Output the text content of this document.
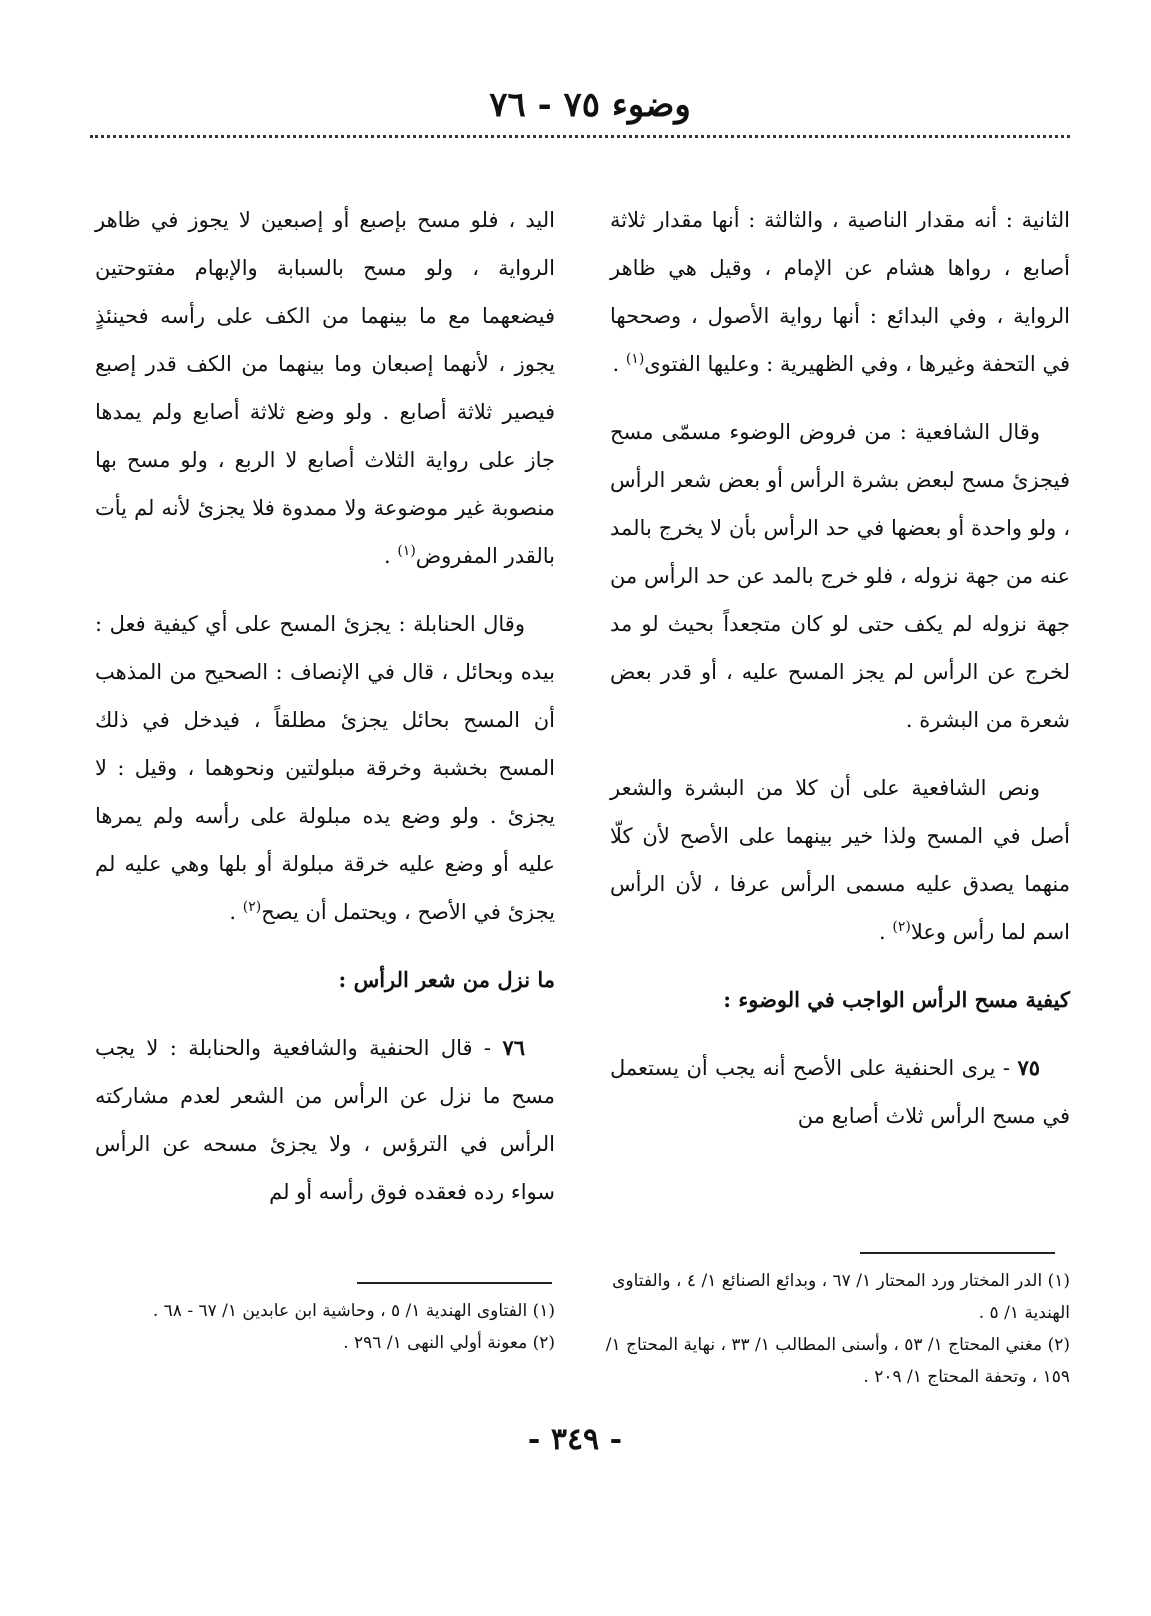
وضوء ٧٥ - ٧٦

الثانية : أنه مقدار الناصية ، والثالثة : أنها مقدار ثلاثة أصابع ، رواها هشام عن الإمام ، وقيل هي ظاهر الرواية ، وفي البدائع : أنها رواية الأصول ، وصححها في التحفة وغيرها ، وفي الظهيرية : وعليها الفتوى$^{(١)}$ .

وقال الشافعية : من فروض الوضوء مسمّى مسح فيجزئ مسح لبعض بشرة الرأس أو بعض شعر الرأس ، ولو واحدة أو بعضها في حد الرأس بأن لا يخرج بالمد عنه من جهة نزوله ، فلو خرج بالمد عن حد الرأس من جهة نزوله لم يكف حتى لو كان متجعداً بحيث لو مد لخرج عن الرأس لم يجز المسح عليه ، أو قدر بعض شعرة من البشرة .

ونص الشافعية على أن كلا من البشرة والشعر أصل في المسح ولذا خير بينهما على الأصح لأن كلّا منهما يصدق عليه مسمى الرأس عرفا ، لأن الرأس اسم لما رأس وعلا$^{(٢)}$ .

كيفية مسح الرأس الواجب في الوضوء :

٧٥ - يرى الحنفية على الأصح أنه يجب أن يستعمل في مسح الرأس ثلاث أصابع من

اليد ، فلو مسح بإصبع أو إصبعين لا يجوز في ظاهر الرواية ، ولو مسح بالسبابة والإبهام مفتوحتين فيضعهما مع ما بينهما من الكف على رأسه فحينئذٍ يجوز ، لأنهما إصبعان وما بينهما من الكف قدر إصبع فيصير ثلاثة أصابع . ولو وضع ثلاثة أصابع ولم يمدها جاز على رواية الثلاث أصابع لا الربع ، ولو مسح بها منصوبة غير موضوعة ولا ممدوة فلا يجزئ لأنه لم يأت بالقدر المفروض$^{(١)}$ .

وقال الحنابلة : يجزئ المسح على أي كيفية فعل : بيده وبحائل ، قال في الإنصاف : الصحيح من المذهب أن المسح بحائل يجزئ مطلقاً ، فيدخل في ذلك المسح بخشبة وخرقة مبلولتين ونحوهما ، وقيل : لا يجزئ . ولو وضع يده مبلولة على رأسه ولم يمرها عليه أو وضع عليه خرقة مبلولة أو بلها وهي عليه لم يجزئ في الأصح ، ويحتمل أن يصح$^{(٢)}$ .

ما نزل من شعر الرأس :

٧٦ - قال الحنفية والشافعية والحنابلة : لا يجب مسح ما نزل عن الرأس من الشعر لعدم مشاركته الرأس في الترؤس ، ولا يجزئ مسحه عن الرأس سواء رده فعقده فوق رأسه أو لم

(١) الدر المختار ورد المحتار ١/ ٦٧ ، وبدائع الصنائع ١/ ٤ ، والفتاوى الهندية ١/ ٥ .

(٢) مغني المحتاج ١/ ٥٣ ، وأسنى المطالب ١/ ٣٣ ، نهاية المحتاج ١/ ١٥٩ ، وتحفة المحتاج ١/ ٢٠٩ .

(١) الفتاوى الهندية ١/ ٥ ، وحاشية ابن عابدين ١/ ٦٧ - ٦٨ .

(٢) معونة أولي النهى ١/ ٢٩٦ .

- ٣٤٩ -
